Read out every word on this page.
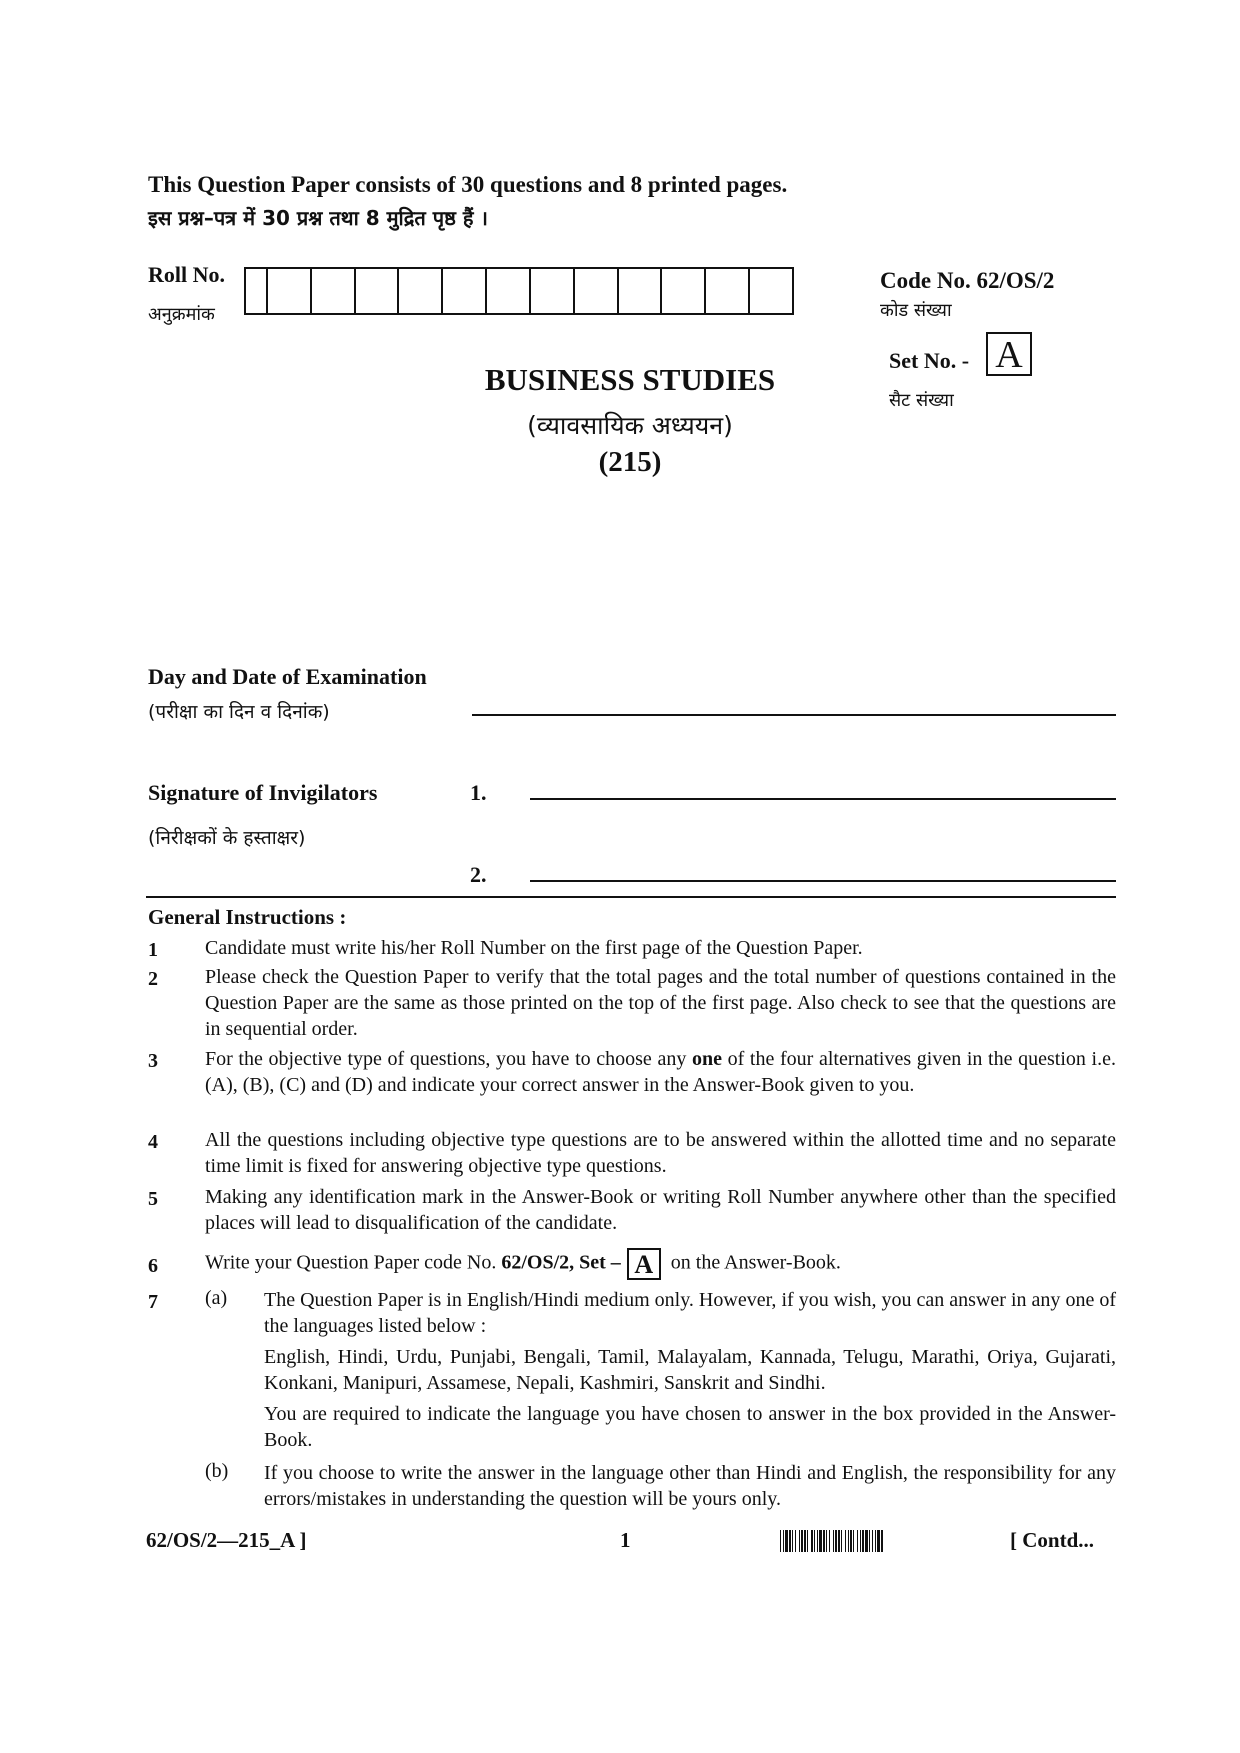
This Question Paper consists of 30 questions and 8 printed pages.
इस प्रश्न–पत्र में 30 प्रश्न तथा 8 मुद्रित पृष्ठ हैं ।
Roll No.
अनुक्रमांक
Code No. 62/OS/2
कोड संख्या
Set No. - A
सैट संख्या
BUSINESS STUDIES
(व्यावसायिक अध्ययन)
(215)
Day and Date of Examination
(परीक्षा का दिन व दिनांक)
Signature of Invigilators
(निरीक्षकों के हस्ताक्षर)
1.
2.
General Instructions :
1 Candidate must write his/her Roll Number on the first page of the Question Paper.
2 Please check the Question Paper to verify that the total pages and the total number of questions contained in the Question Paper are the same as those printed on the top of the first page. Also check to see that the questions are in sequential order.
3 For the objective type of questions, you have to choose any one of the four alternatives given in the question i.e. (A), (B), (C) and (D) and indicate your correct answer in the Answer-Book given to you.
4 All the questions including objective type questions are to be answered within the allotted time and no separate time limit is fixed for answering objective type questions.
5 Making any identification mark in the Answer-Book or writing Roll Number anywhere other than the specified places will lead to disqualification of the candidate.
6 Write your Question Paper code No. 62/OS/2, Set – A on the Answer-Book.
7 (a) The Question Paper is in English/Hindi medium only. However, if you wish, you can answer in any one of the languages listed below :
English, Hindi, Urdu, Punjabi, Bengali, Tamil, Malayalam, Kannada, Telugu, Marathi, Oriya, Gujarati, Konkani, Manipuri, Assamese, Nepali, Kashmiri, Sanskrit and Sindhi.
You are required to indicate the language you have chosen to answer in the box provided in the Answer-Book.
(b) If you choose to write the answer in the language other than Hindi and English, the responsibility for any errors/mistakes in understanding the question will be yours only.
62/OS/2—215_A ]	1	[ Contd...
